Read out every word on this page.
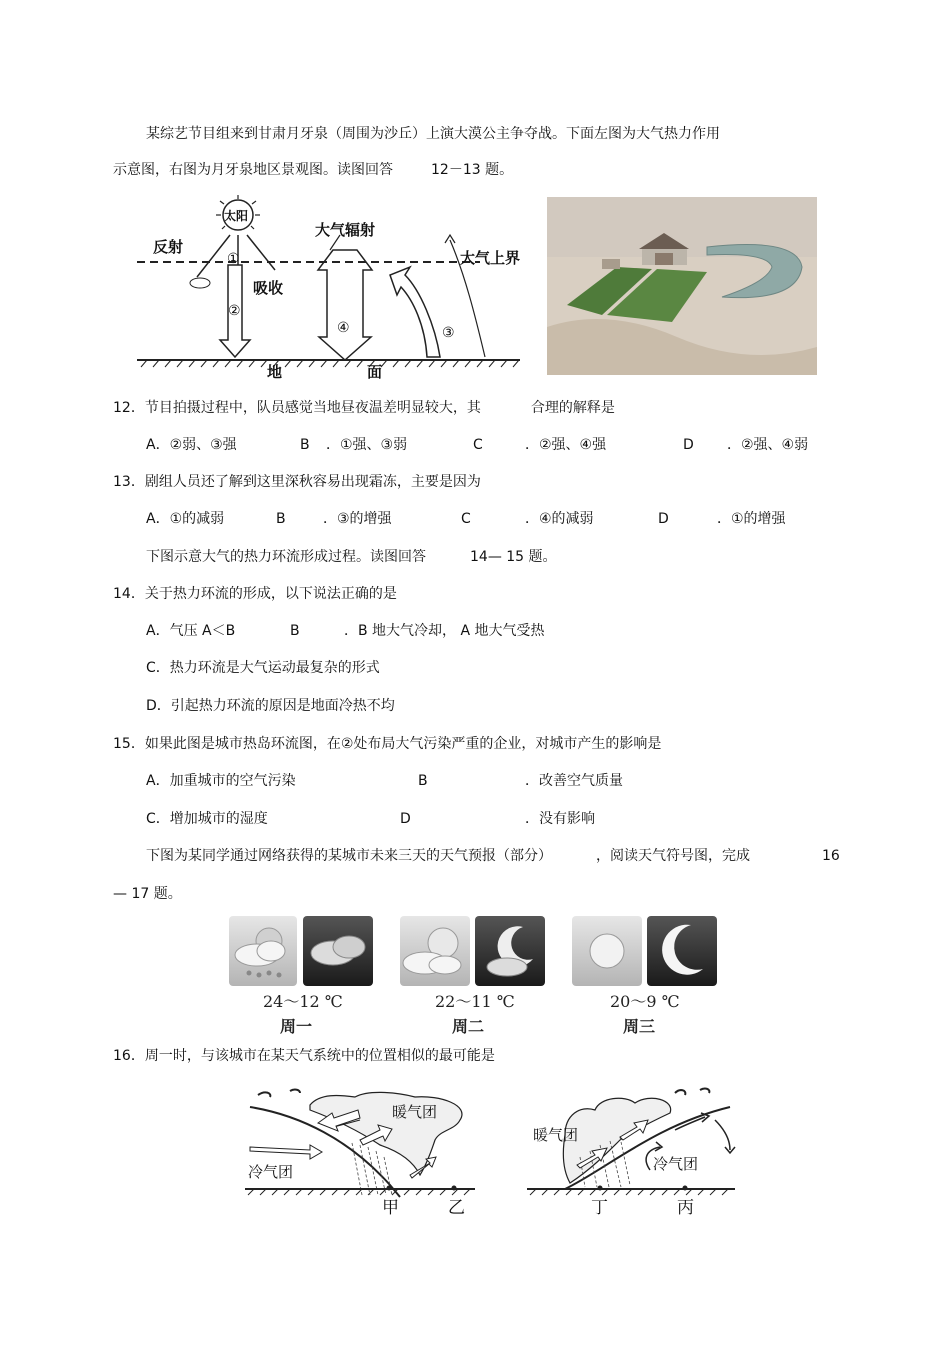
某综艺节目组来到甘肃月牙泉（周围为沙丘）上演大漠公主争夺战。下面左图为大气热力作用
示意图，右图为月牙泉地区景观图。读图回答	12－13 题。
太阳
反射
①
吸收
②
大气辐射
④
大气上界
③
地	面
12．节目拍摄过程中，队员感觉当地昼夜温差明显较大，其	合理的解释是
A．②弱、③强	B ．①强、③弱	C	．②强、④强	D ．②强、④弱
13．剧组人员还了解到这里深秋容易出现霜冻，主要是因为
A．①的减弱	B	．③的增强	C	．④的减弱	D	．①的增强
下图示意大气的热力环流形成过程。读图回答	14— 15 题。
14．关于热力环流的形成，以下说法正确的是
A．气压 A＜B	B	．B 地大气冷却， A 地大气受热
C．热力环流是大气运动最复杂的形式
D．引起热力环流的原因是地面冷热不均
15．如果此图是城市热岛环流图，在②处布局大气污染严重的企业，对城市产生的影响是
A．加重城市的空气污染	B	．改善空气质量
C．增加城市的湿度	D	．没有影响
下图为某同学通过网络获得的某城市未来三天的天气预报（部分）	，阅读天气符号图，完成	16
— 17 题。
24～12 ℃
周一
22～11 ℃
周二
20～9 ℃
周三
16．周一时，与该城市在某天气系统中的位置相似的最可能是
暖气团
冷气团
甲	乙
暖气团
冷气团
丁	丙
